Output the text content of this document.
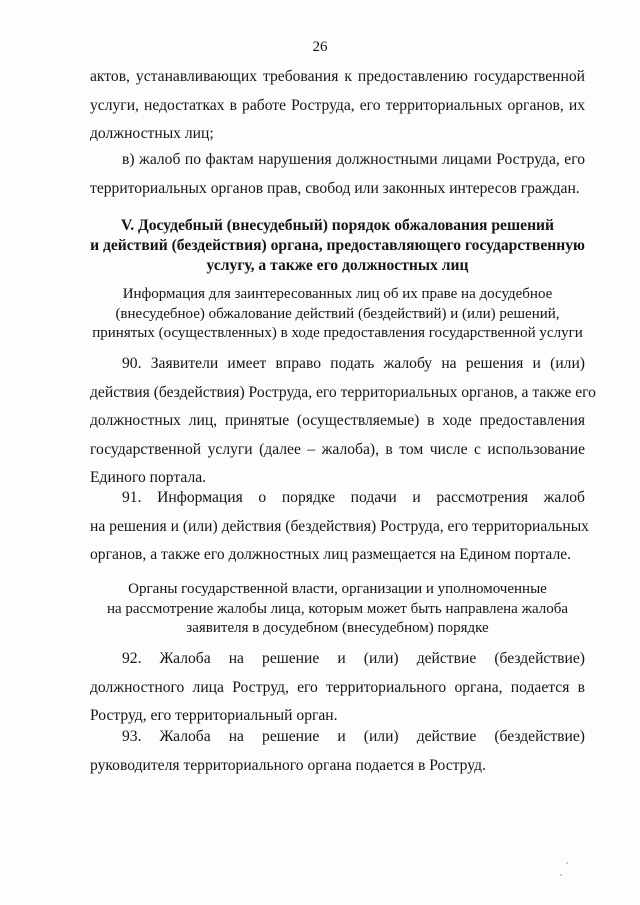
26
актов, устанавливающих требования к предоставлению государственной
услуги, недостатках в работе Роструда, его территориальных органов, их
должностных лиц;
в) жалоб по фактам нарушения должностными лицами Роструда, его
территориальных органов прав, свобод или законных интересов граждан.
V. Досудебный (внесудебный) порядок обжалования решений
и действий (бездействия) органа, предоставляющего государственную
услугу, а также его должностных лиц
Информация для заинтересованных лиц об их праве на досудебное
(внесудебное) обжалование действий (бездействий) и (или) решений,
принятых (осуществленных) в ходе предоставления государственной услуги
90. Заявители имеет вправо подать жалобу на решения и (или)
действия (бездействия) Роструда, его территориальных органов, а также его
должностных лиц, принятые (осуществляемые) в ходе предоставления
государственной услуги (далее – жалоба), в том числе с использование
Единого портала.
91. Информация о порядке подачи и рассмотрения жалоб
на решения и (или) действия (бездействия) Роструда, его территориальных
органов, а также его должностных лиц размещается на Едином портале.
Органы государственной власти, организации и уполномоченные
на рассмотрение жалобы лица, которым может быть направлена жалоба
заявителя в досудебном (внесудебном) порядке
92. Жалоба на решение и (или) действие (бездействие)
должностного лица Роструд, его территориального органа, подается в
Роструд, его территориальный орган.
93. Жалоба на решение и (или) действие (бездействие)
руководителя территориального органа подается в Роструд.
